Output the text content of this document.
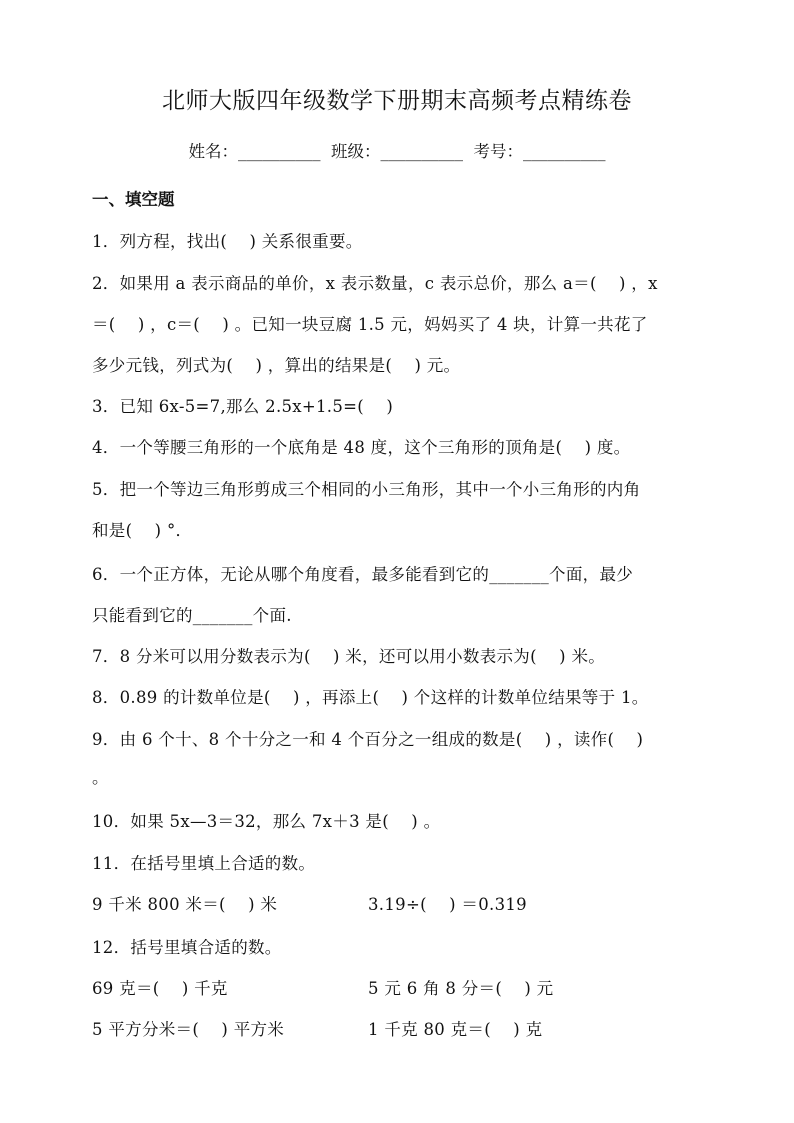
北师大版四年级数学下册期末高频考点精练卷
姓名：__________  班级：__________  考号：__________
一、填空题
1．列方程，找出(　 ) 关系很重要。
2．如果用 a 表示商品的单价，x 表示数量，c 表示总价，那么 a＝(　 ) ，x
＝(　 ) ，c＝(　 ) 。已知一块豆腐 1.5 元，妈妈买了 4 块，计算一共花了
多少元钱，列式为(　 ) ，算出的结果是(　 ) 元。
3．已知 6x-5=7,那么 2.5x+1.5=(　 )
4．一个等腰三角形的一个底角是 48 度，这个三角形的顶角是(　 ) 度。
5．把一个等边三角形剪成三个相同的小三角形，其中一个小三角形的内角
和是(　 ) °．
6．一个正方体，无论从哪个角度看，最多能看到它的_______个面，最少
只能看到它的_______个面.
7．8 分米可以用分数表示为(　 ) 米，还可以用小数表示为(　 ) 米。
8．0.89 的计数单位是(　 ) ，再添上(　 ) 个这样的计数单位结果等于 1。
9．由 6 个十、8 个十分之一和 4 个百分之一组成的数是(　 ) ，读作(　 )
。
10．如果 5x—3＝32，那么 7x＋3 是(　 ) 。
11．在括号里填上合适的数。
9 千米 800 米＝(　 ) 米	3.19÷(　 ) ＝0.319
12．括号里填合适的数。
69 克＝(　 ) 千克	5 元 6 角 8 分＝(　 ) 元
5 平方分米＝(　 ) 平方米	1 千克 80 克＝(　 ) 克
